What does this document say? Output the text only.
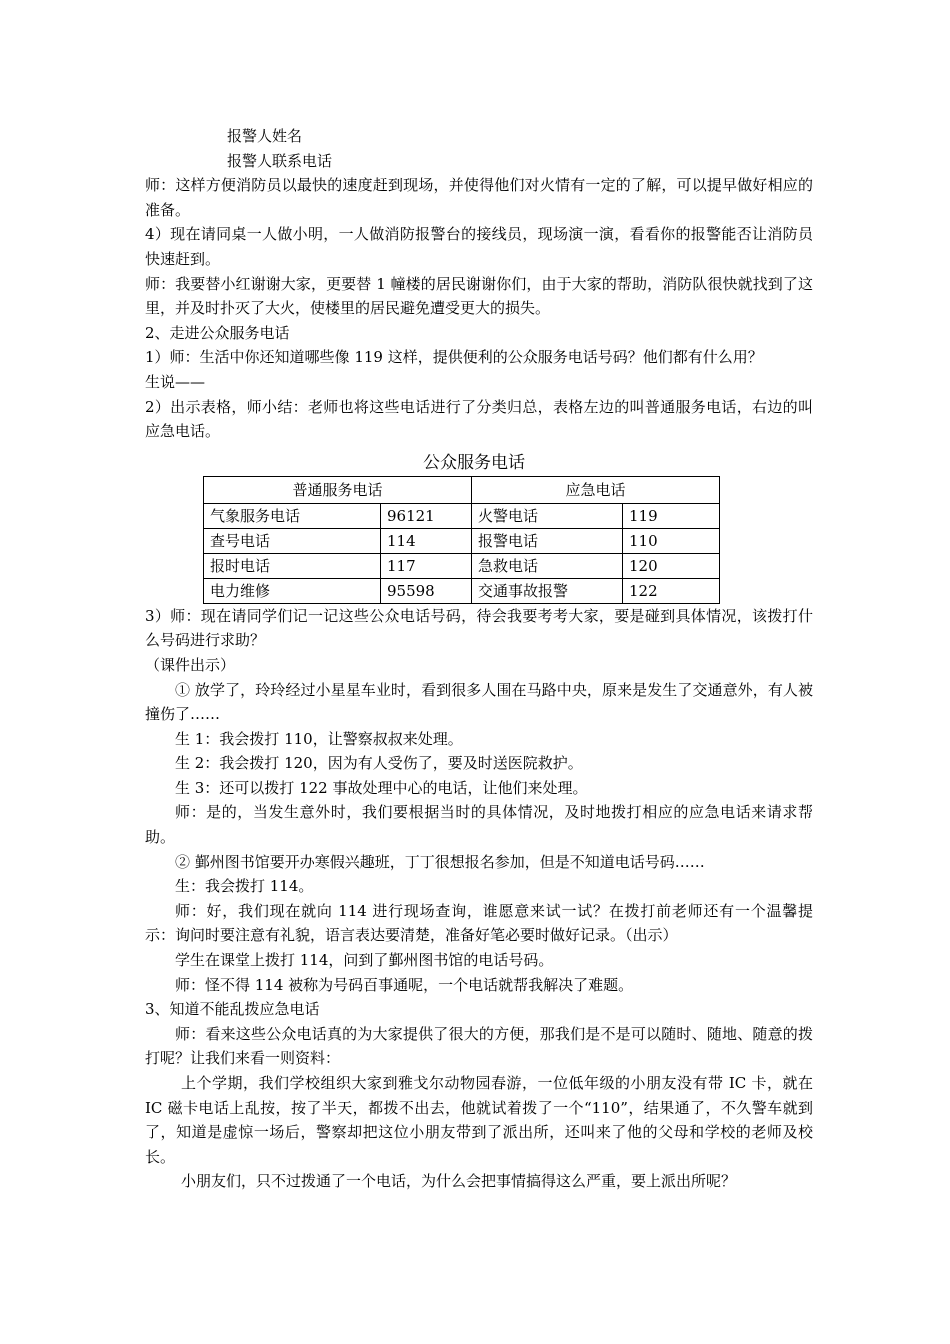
报警人姓名
报警人联系电话
师：这样方便消防员以最快的速度赶到现场，并使得他们对火情有一定的了解，可以提早做好相应的准备。
4）现在请同桌一人做小明，一人做消防报警台的接线员，现场演一演，看看你的报警能否让消防员快速赶到。
师：我要替小红谢谢大家，更要替 1 幢楼的居民谢谢你们，由于大家的帮助，消防队很快就找到了这里，并及时扑灭了大火，使楼里的居民避免遭受更大的损失。
2、走进公众服务电话
1）师：生活中你还知道哪些像 119 这样，提供便利的公众服务电话号码？他们都有什么用？
生说——
2）出示表格，师小结：老师也将这些电话进行了分类归总，表格左边的叫普通服务电话，右边的叫应急电话。
公众服务电话
普通服务电话		应急电话	
气象服务电话	96121	火警电话	119
查号电话	114	报警电话	110
报时电话	117	急救电话	120
电力维修	95598	交通事故报警	122
3）师：现在请同学们记一记这些公众电话号码，待会我要考考大家，要是碰到具体情况，该拨打什么号码进行求助？
（课件出示）
① 放学了，玲玲经过小星星车业时，看到很多人围在马路中央，原来是发生了交通意外，有人被撞伤了……
生 1：我会拨打 110，让警察叔叔来处理。
生 2：我会拨打 120，因为有人受伤了，要及时送医院救护。
生 3：还可以拨打 122 事故处理中心的电话，让他们来处理。
师：是的，当发生意外时，我们要根据当时的具体情况，及时地拨打相应的应急电话来请求帮助。
② 鄞州图书馆要开办寒假兴趣班，丁丁很想报名参加，但是不知道电话号码……
生：我会拨打 114。
师：好，我们现在就向 114 进行现场查询，谁愿意来试一试？在拨打前老师还有一个温馨提示：询问时要注意有礼貌，语言表达要清楚，准备好笔必要时做好记录。（出示）
学生在课堂上拨打 114，问到了鄞州图书馆的电话号码。
师：怪不得 114 被称为号码百事通呢，一个电话就帮我解决了难题。
3、知道不能乱拨应急电话
师：看来这些公众电话真的为大家提供了很大的方便，那我们是不是可以随时、随地、随意的拨打呢？让我们来看一则资料：
上个学期，我们学校组织大家到雅戈尔动物园春游，一位低年级的小朋友没有带 IC 卡，就在 IC 磁卡电话上乱按，按了半天，都拨不出去，他就试着拨了一个“110”，结果通了，不久警车就到了，知道是虚惊一场后，警察却把这位小朋友带到了派出所，还叫来了他的父母和学校的老师及校长。
小朋友们，只不过拨通了一个电话，为什么会把事情搞得这么严重，要上派出所呢？
